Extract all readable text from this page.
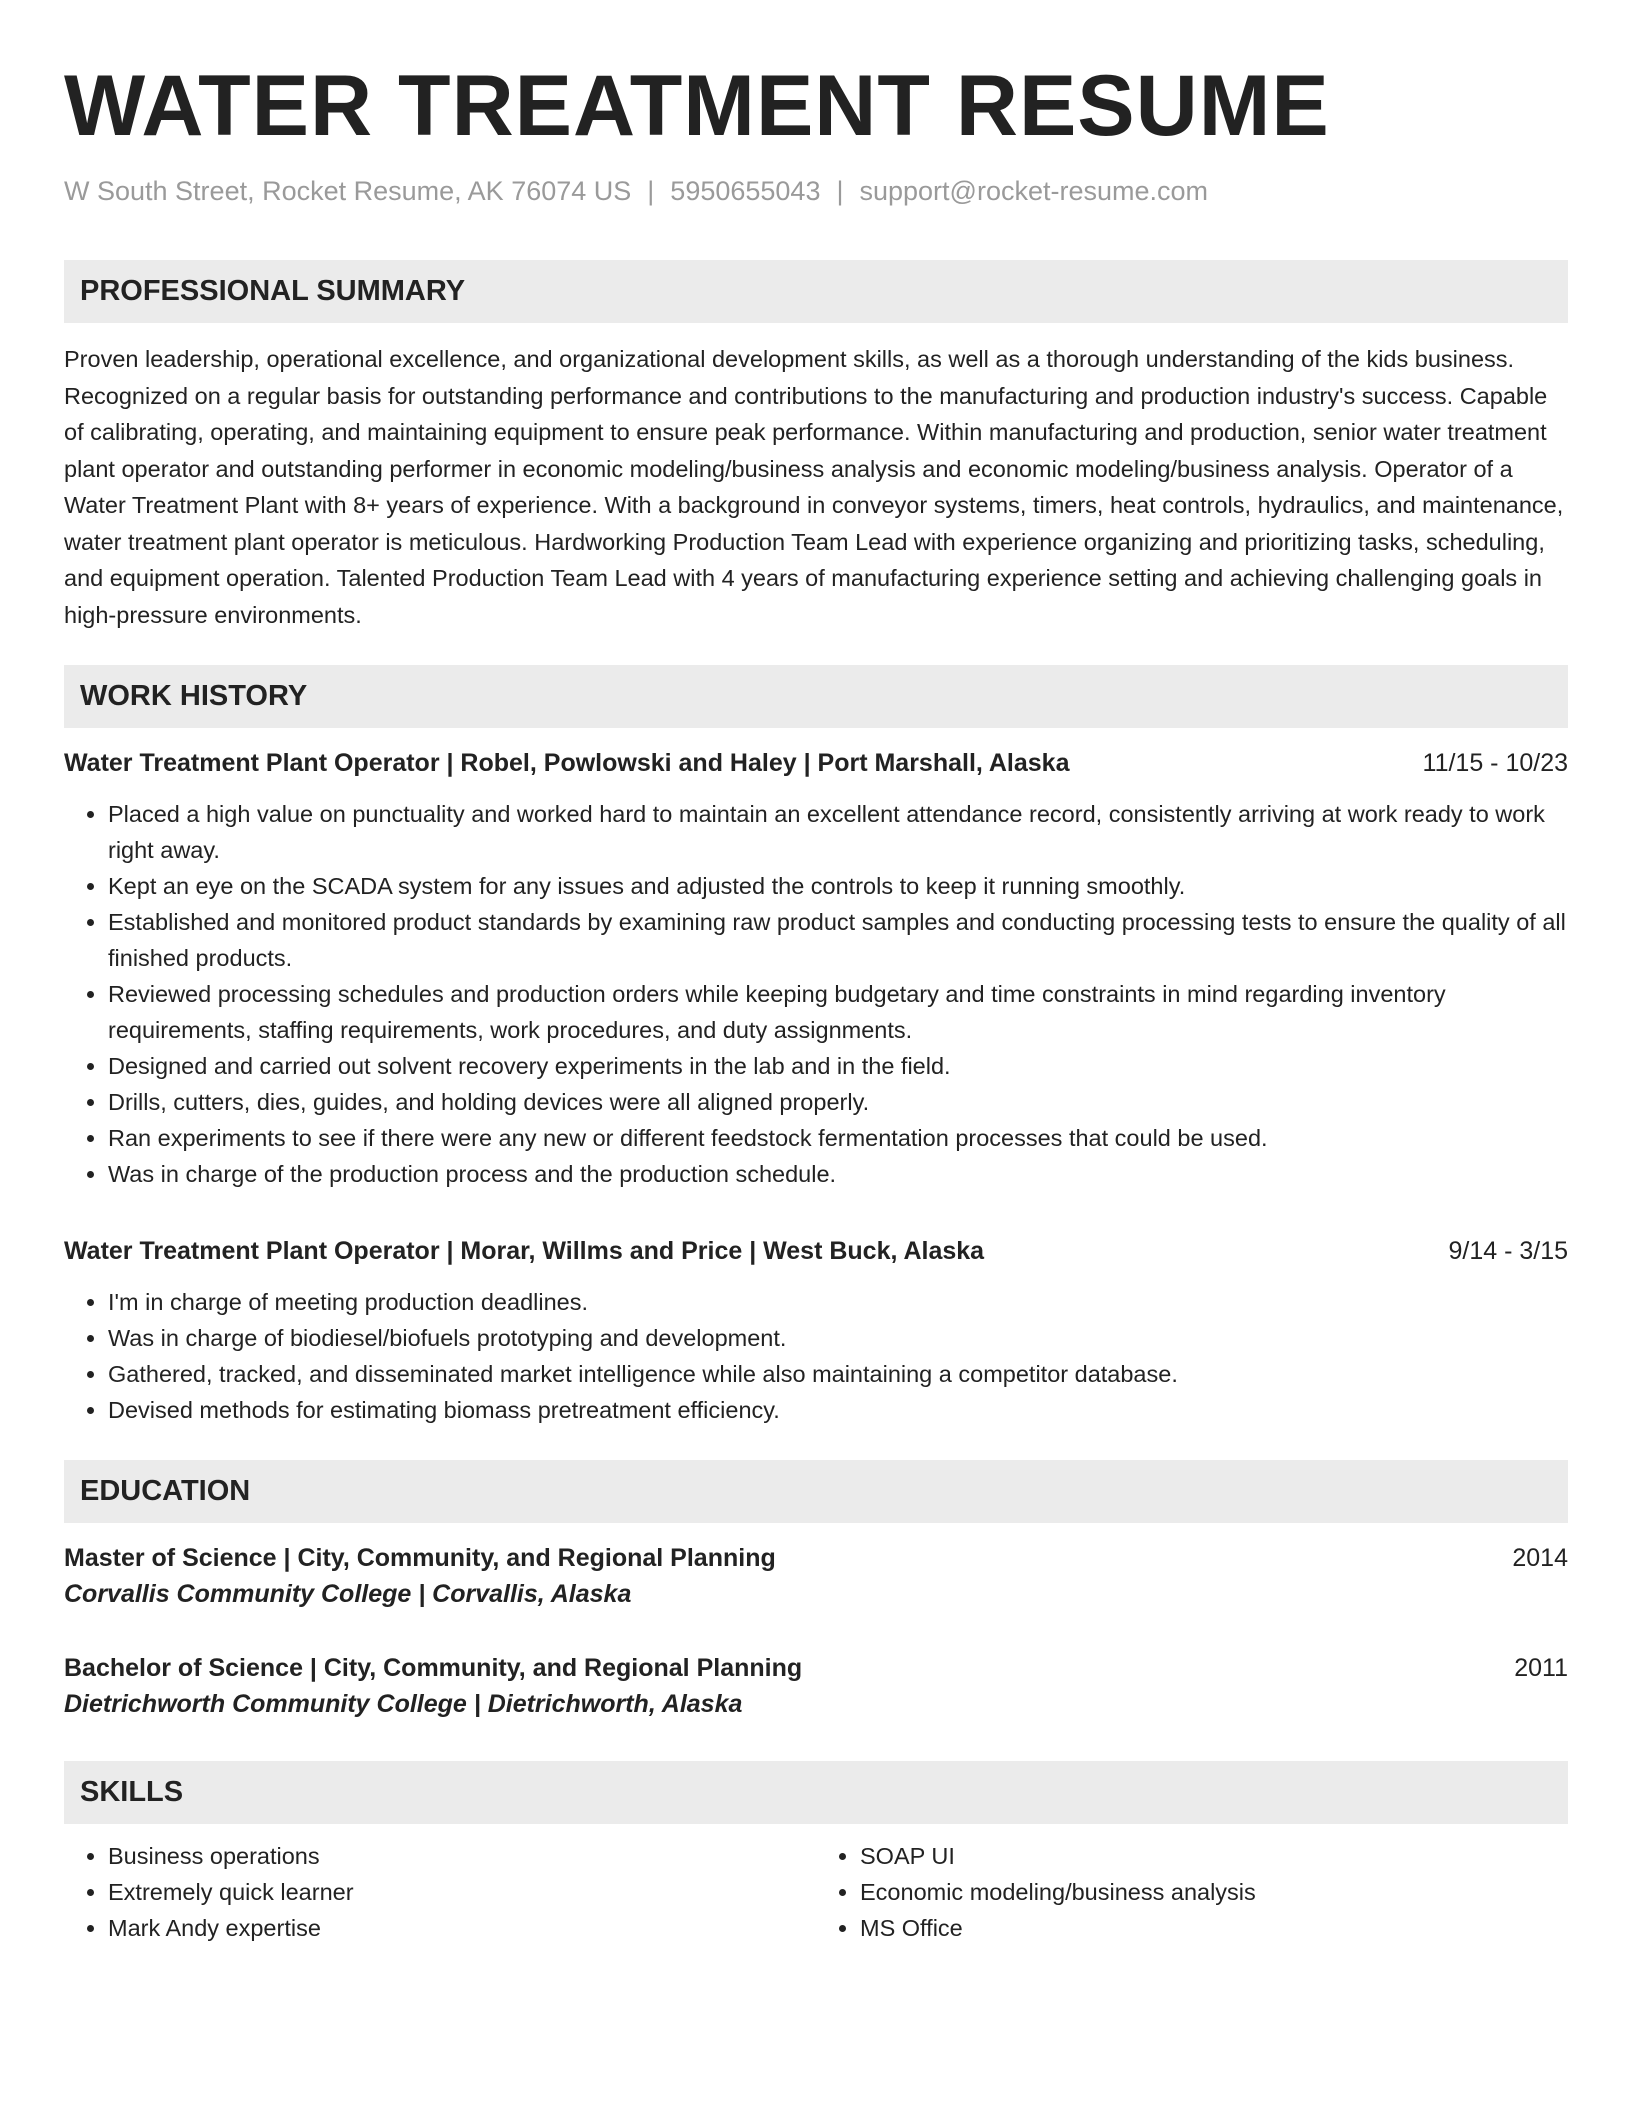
WATER TREATMENT RESUME
W South Street, Rocket Resume, AK 76074 US | 5950655043 | support@rocket-resume.com
PROFESSIONAL SUMMARY
Proven leadership, operational excellence, and organizational development skills, as well as a thorough understanding of the kids business. Recognized on a regular basis for outstanding performance and contributions to the manufacturing and production industry's success. Capable of calibrating, operating, and maintaining equipment to ensure peak performance. Within manufacturing and production, senior water treatment plant operator and outstanding performer in economic modeling/business analysis and economic modeling/business analysis. Operator of a Water Treatment Plant with 8+ years of experience. With a background in conveyor systems, timers, heat controls, hydraulics, and maintenance, water treatment plant operator is meticulous. Hardworking Production Team Lead with experience organizing and prioritizing tasks, scheduling, and equipment operation. Talented Production Team Lead with 4 years of manufacturing experience setting and achieving challenging goals in high-pressure environments.
WORK HISTORY
Water Treatment Plant Operator | Robel, Powlowski and Haley | Port Marshall, Alaska	11/15 - 10/23
• Placed a high value on punctuality and worked hard to maintain an excellent attendance record, consistently arriving at work ready to work right away.
• Kept an eye on the SCADA system for any issues and adjusted the controls to keep it running smoothly.
• Established and monitored product standards by examining raw product samples and conducting processing tests to ensure the quality of all finished products.
• Reviewed processing schedules and production orders while keeping budgetary and time constraints in mind regarding inventory requirements, staffing requirements, work procedures, and duty assignments.
• Designed and carried out solvent recovery experiments in the lab and in the field.
• Drills, cutters, dies, guides, and holding devices were all aligned properly.
• Ran experiments to see if there were any new or different feedstock fermentation processes that could be used.
• Was in charge of the production process and the production schedule.
Water Treatment Plant Operator | Morar, Willms and Price | West Buck, Alaska	9/14 - 3/15
• I'm in charge of meeting production deadlines.
• Was in charge of biodiesel/biofuels prototyping and development.
• Gathered, tracked, and disseminated market intelligence while also maintaining a competitor database.
• Devised methods for estimating biomass pretreatment efficiency.
EDUCATION
Master of Science | City, Community, and Regional Planning	2014
Corvallis Community College | Corvallis, Alaska
Bachelor of Science | City, Community, and Regional Planning	2011
Dietrichworth Community College | Dietrichworth, Alaska
SKILLS
• Business operations
• Extremely quick learner
• Mark Andy expertise
• SOAP UI
• Economic modeling/business analysis
• MS Office
